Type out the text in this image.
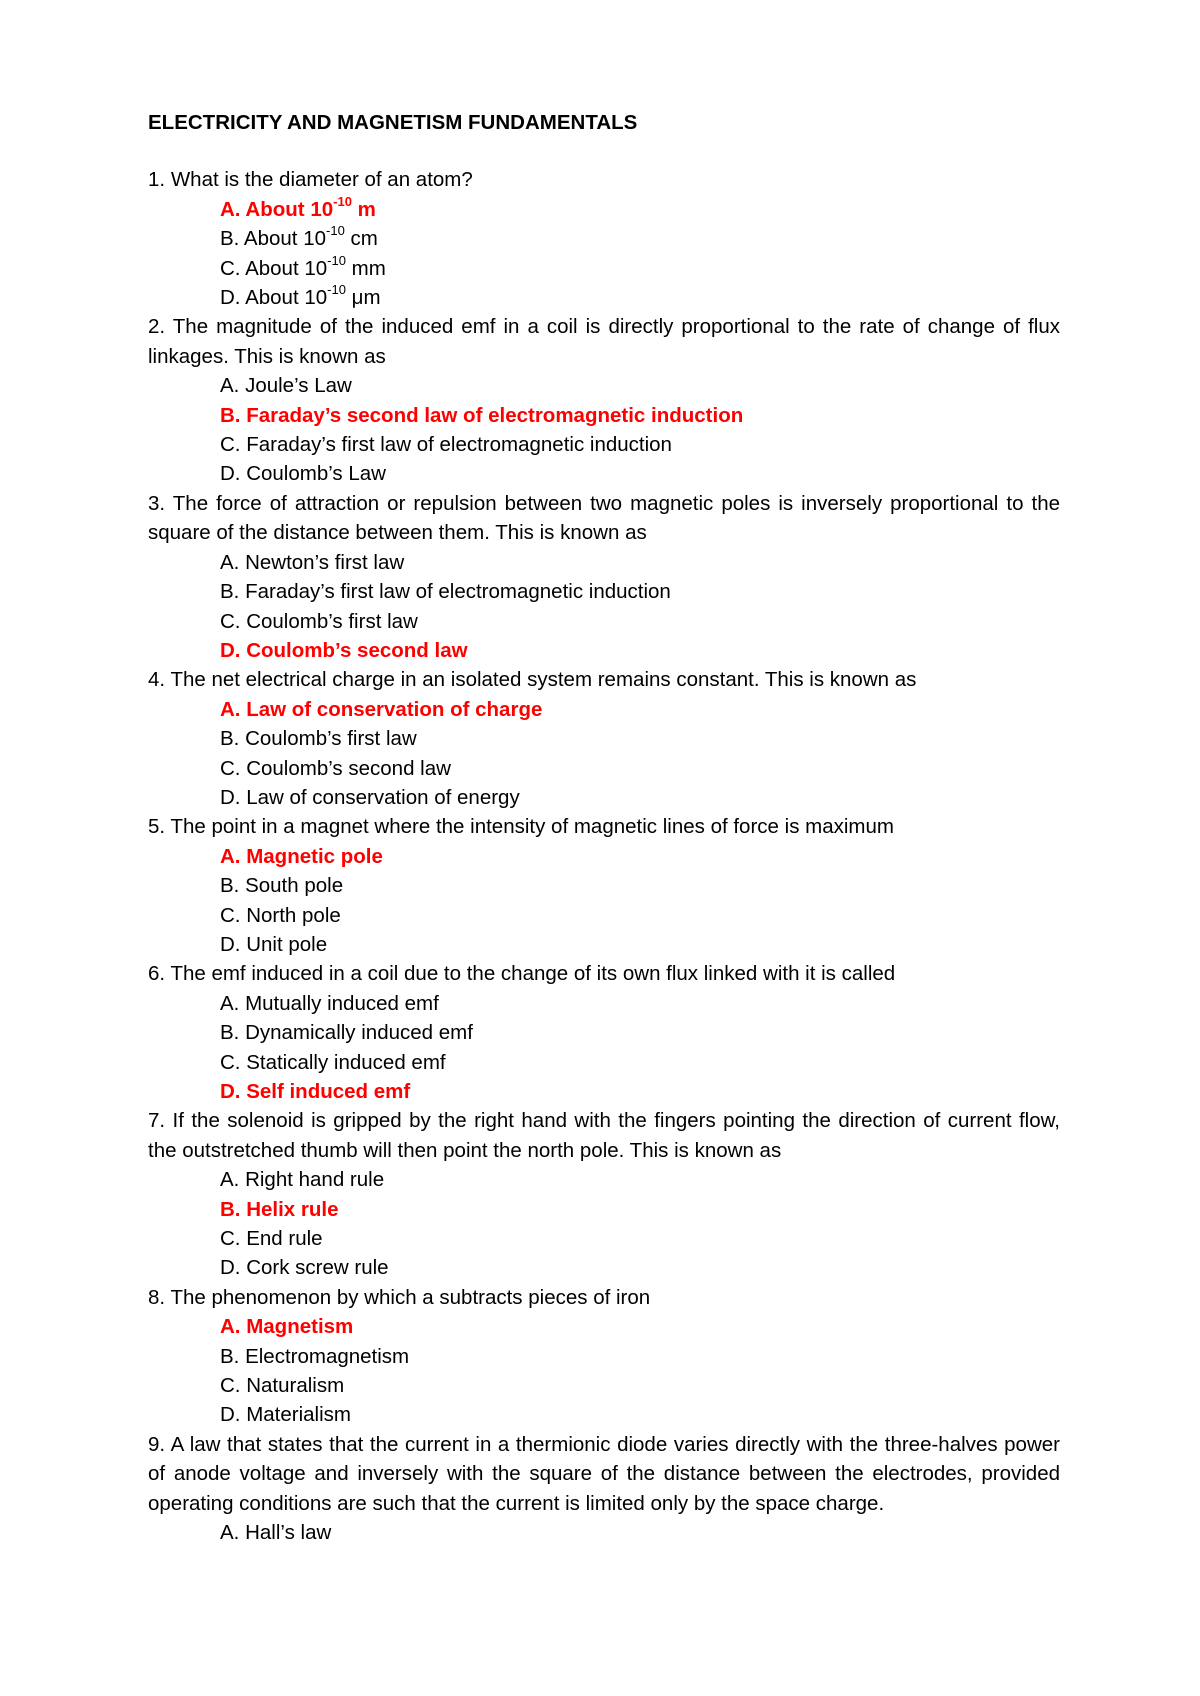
ELECTRICITY AND MAGNETISM FUNDAMENTALS
1. What is the diameter of an atom?
A. About $10^{-10}$ m
B. About $10^{-10}$ cm
C. About $10^{-10}$ mm
D. About $10^{-10}$ μm
2. The magnitude of the induced emf in a coil is directly proportional to the rate of change of flux linkages. This is known as
A. Joule’s Law
B. Faraday’s second law of electromagnetic induction
C. Faraday’s first law of electromagnetic induction
D. Coulomb’s Law
3. The force of attraction or repulsion between two magnetic poles is inversely proportional to the square of the distance between them. This is known as
A. Newton’s first law
B. Faraday’s first law of electromagnetic induction
C. Coulomb’s first law
D. Coulomb’s second law
4. The net electrical charge in an isolated system remains constant. This is known as
A. Law of conservation of charge
B. Coulomb’s first law
C. Coulomb’s second law
D. Law of conservation of energy
5. The point in a magnet where the intensity of magnetic lines of force is maximum
A. Magnetic pole
B. South pole
C. North pole
D. Unit pole
6. The emf induced in a coil due to the change of its own flux linked with it is called
A. Mutually induced emf
B. Dynamically induced emf
C. Statically induced emf
D. Self induced emf
7. If the solenoid is gripped by the right hand with the fingers pointing the direction of current flow, the outstretched thumb will then point the north pole. This is known as
A. Right hand rule
B. Helix rule
C. End rule
D. Cork screw rule
8. The phenomenon by which a subtracts pieces of iron
A. Magnetism
B. Electromagnetism
C. Naturalism
D. Materialism
9. A law that states that the current in a thermionic diode varies directly with the three-halves power of anode voltage and inversely with the square of the distance between the electrodes, provided operating conditions are such that the current is limited only by the space charge.
A. Hall’s law
